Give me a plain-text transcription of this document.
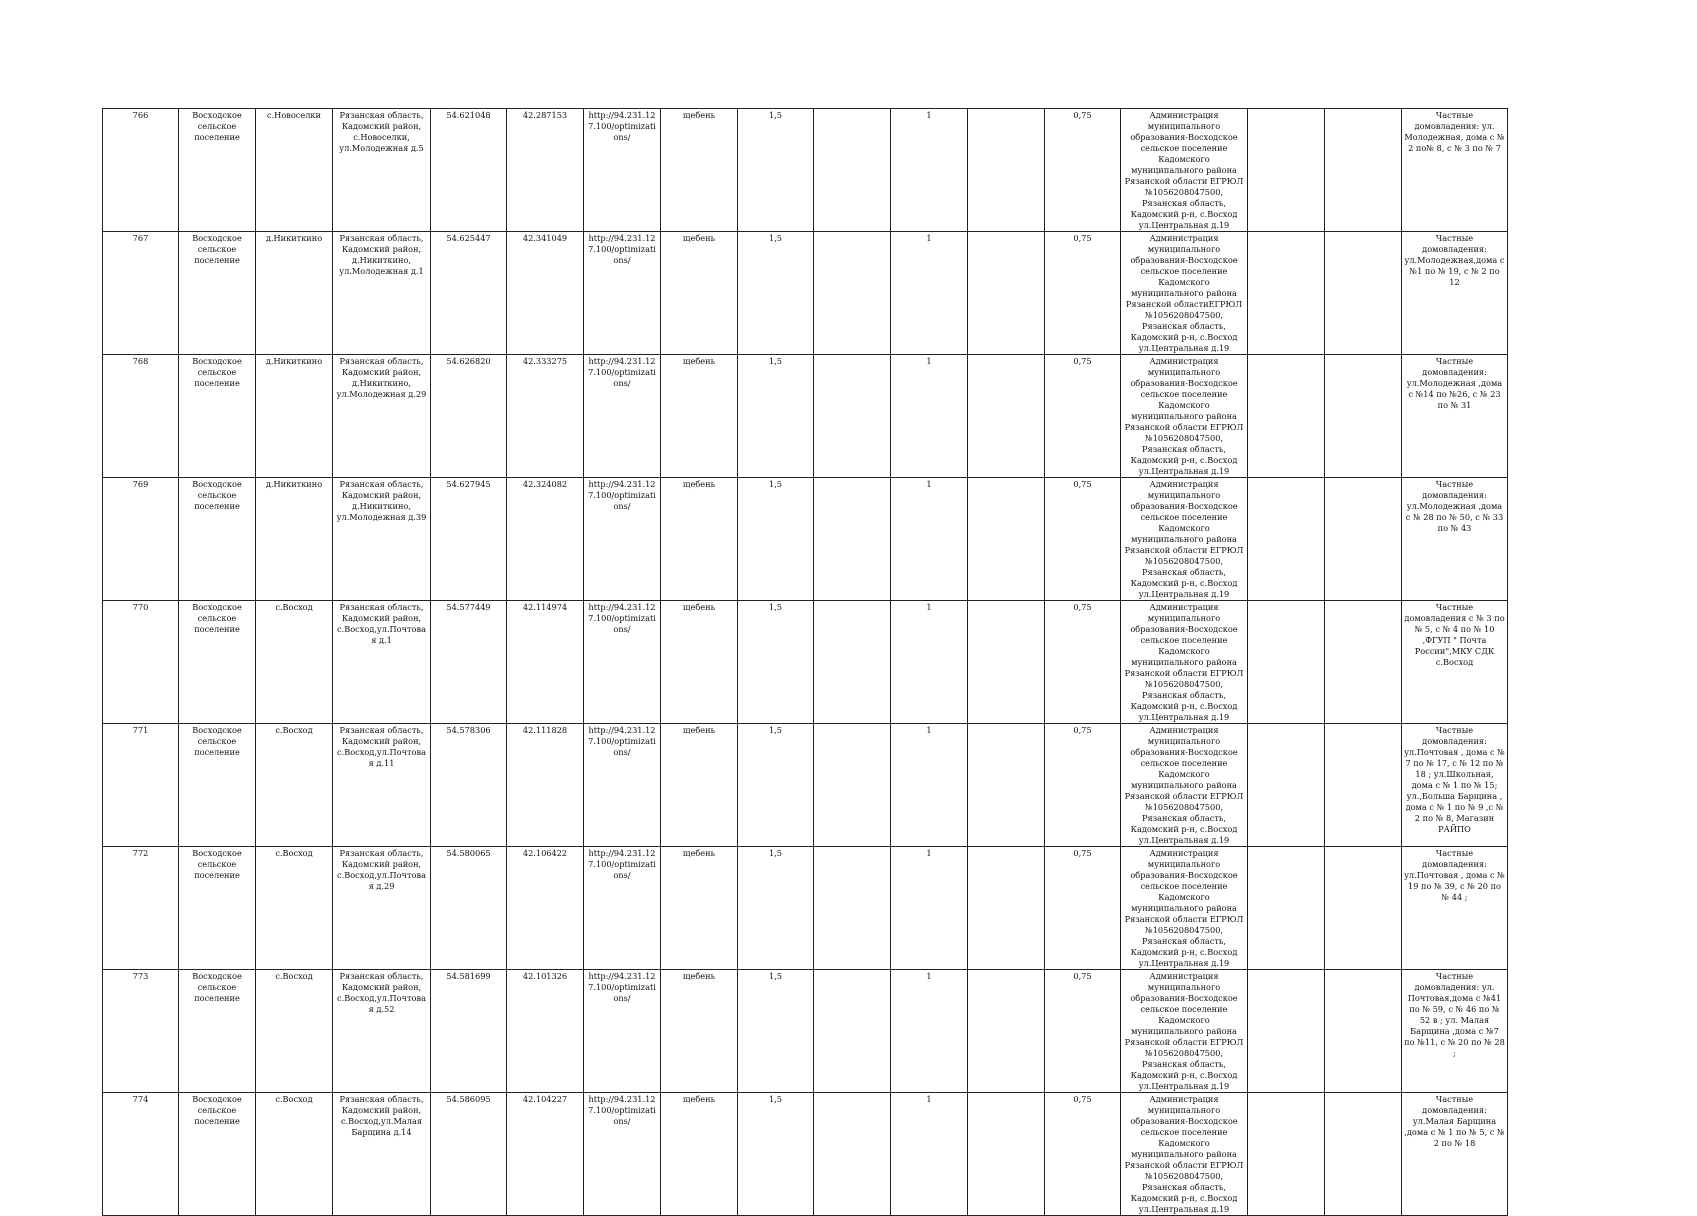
766	Восходское сельское поселение	с.Новоселки	Рязанская область, Кадомский район, с.Новоселки, ул.Молодежная д.5	54.621048	42.287153	http://94.231.127.100/optimizations/	щебень	1,5		1		0,75	Администрация муниципального образования-Восходское сельское поселение Кадомского муниципального района Рязанской области ЕГРЮЛ №1056208047500, Рязанская область, Кадомский р-н, с.Восход ул.Центральная д.19			Частные домовладения: ул. Молодежная, дома с № 2 по№ 8, с № 3 по № 7
767	Восходское сельское поселение	д.Никиткино	Рязанская область, Кадомский район, д.Никиткино, ул.Молодежная д.1	54.625447	42.341049	http://94.231.127.100/optimizations/	щебень	1,5		1		0,75	Администрация муниципального образования-Восходское сельское поселение Кадомского муниципального района Рязанской областиЕГРЮЛ №1056208047500, Рязанская область, Кадомский р-н, с.Восход ул.Центральная д.19			Частные домовладения: ул.Молодежная,дома с №1 по № 19, с № 2 по 12
768	Восходское сельское поселение	д.Никиткино	Рязанская область, Кадомский район, д.Никиткино, ул.Молодежная д.29	54.626820	42.333275	http://94.231.127.100/optimizations/	щебень	1,5		1		0,75	Администрация муниципального образования-Восходское сельское поселение Кадомского муниципального района Рязанской области ЕГРЮЛ №1056208047500, Рязанская область, Кадомский р-н, с.Восход ул.Центральная д.19			Частные домовладения: ул.Молодежная ,дома с №14 по №26, с № 23 по № 31
769	Восходское сельское поселение	д.Никиткино	Рязанская область, Кадомский район, д.Никиткино, ул.Молодежная д.39	54.627945	42.324082	http://94.231.127.100/optimizations/	щебень	1,5		1		0,75	Администрация муниципального образования-Восходское сельское поселение Кадомского муниципального района Рязанской области ЕГРЮЛ №1056208047500, Рязанская область, Кадомский р-н, с.Восход ул.Центральная д.19			Частные домовладения: ул.Молодежная ,дома с № 28 по № 50, с № 33 по № 43
770	Восходское сельское поселение	с.Восход	Рязанская область, Кадомский район, с.Восход,ул.Почтовая д.1	54.577449	42.114974	http://94.231.127.100/optimizations/	щебень	1,5		1		0,75	Администрация муниципального образования-Восходское сельское поселение Кадомского муниципального района Рязанской области ЕГРЮЛ №1056208047500, Рязанская область, Кадомский р-н, с.Восход ул.Центральная д.19			Частные домовладения с № 3 по № 5, с № 4 по № 10 ,ФГУП " Почта России",МКУ СДК с.Восход
771	Восходское сельское поселение	с.Восход	Рязанская область, Кадомский район, с.Восход,ул.Почтовая д.11	54.578306	42.111828	http://94.231.127.100/optimizations/	щебень	1,5		1		0,75	Администрация муниципального образования-Восходское сельское поселение Кадомского муниципального района Рязанской области ЕГРЮЛ №1056208047500, Рязанская область, Кадомский р-н, с.Восход ул.Центральная д.19			Частные домовладения: ул.Почтовая , дома с № 7 по № 17, с № 12 по № 18 ; ул.Школьная, дома с № 1 по № 15; ул.,Больша Барщина , дома с № 1 по № 9 ,с № 2 по № 8, Магазин РАЙПО
772	Восходское сельское поселение	с.Восход	Рязанская область, Кадомский район, с.Восход,ул.Почтовая д.29	54.580065	42.106422	http://94.231.127.100/optimizations/	щебень	1,5		1		0,75	Администрация муниципального образования-Восходское сельское поселение Кадомского муниципального района Рязанской области ЕГРЮЛ №1056208047500, Рязанская область, Кадомский р-н, с.Восход ул.Центральная д.19			Частные домовладения: ул.Почтовая , дома с № 19 по № 39, с № 20 по № 44 ;
773	Восходское сельское поселение	с.Восход	Рязанская область, Кадомский район, с.Восход,ул.Почтовая д.52	54.581699	42.101326	http://94.231.127.100/optimizations/	щебень	1,5		1		0,75	Администрация муниципального образования-Восходское сельское поселение Кадомского муниципального района Рязанской области ЕГРЮЛ №1056208047500, Рязанская область, Кадомский р-н, с.Восход ул.Центральная д.19			Частные домовладения: ул. Почтовая,дома с №41 по № 59, с № 46 по № 52 в ; ул. Малая Барщина ,дома с №7 по №11, с № 20 по № 28 ;
774	Восходское сельское поселение	с.Восход	Рязанская область, Кадомский район, с.Восход,ул.Малая Барщина д.14	54.586095	42.104227	http://94.231.127.100/optimizations/	щебень	1,5		1		0,75	Администрация муниципального образования-Восходское сельское поселение Кадомского муниципального района Рязанской области ЕГРЮЛ №1056208047500, Рязанская область, Кадомский р-н, с.Восход ул.Центральная д.19			Частные домовладения: ул.Малая Барщина ,дома с № 1 по № 5, с № 2 по № 18
